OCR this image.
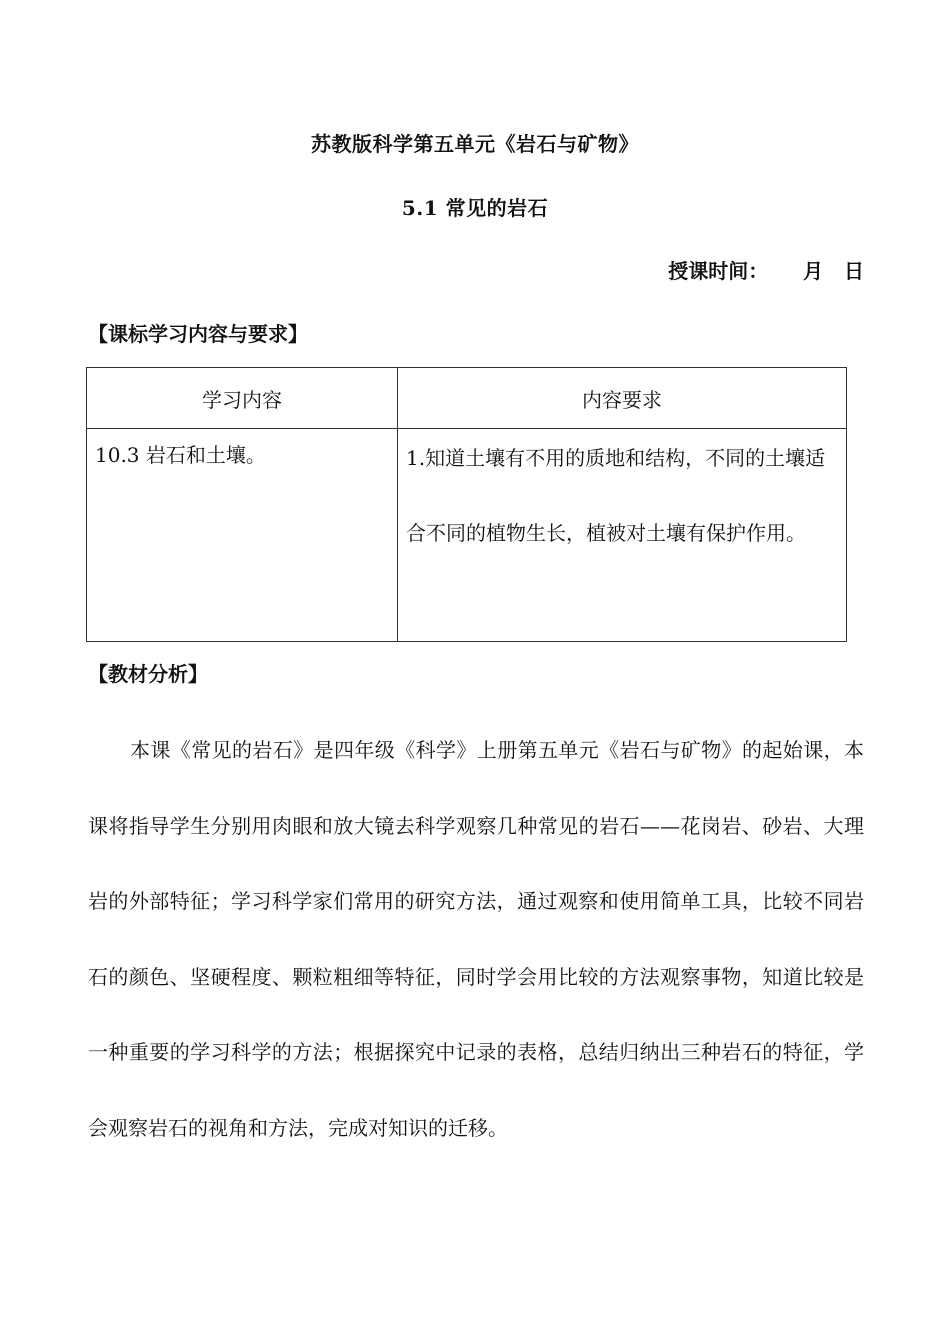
苏教版科学第五单元《岩石与矿物》
5.1 常见的岩石
授课时间：     月   日
【课标学习内容与要求】
学习内容	内容要求
10.3 岩石和土壤。	1.知道土壤有不用的质地和结构，不同的土壤适合不同的植物生长，植被对土壤有保护作用。
【教材分析】
本课《常见的岩石》是四年级《科学》上册第五单元《岩石与矿物》的起始课，本课将指导学生分别用肉眼和放大镜去科学观察几种常见的岩石——花岗岩、砂岩、大理岩的外部特征；学习科学家们常用的研究方法，通过观察和使用简单工具，比较不同岩石的颜色、坚硬程度、颗粒粗细等特征，同时学会用比较的方法观察事物，知道比较是一种重要的学习科学的方法；根据探究中记录的表格，总结归纳出三种岩石的特征，学会观察岩石的视角和方法，完成对知识的迁移。
